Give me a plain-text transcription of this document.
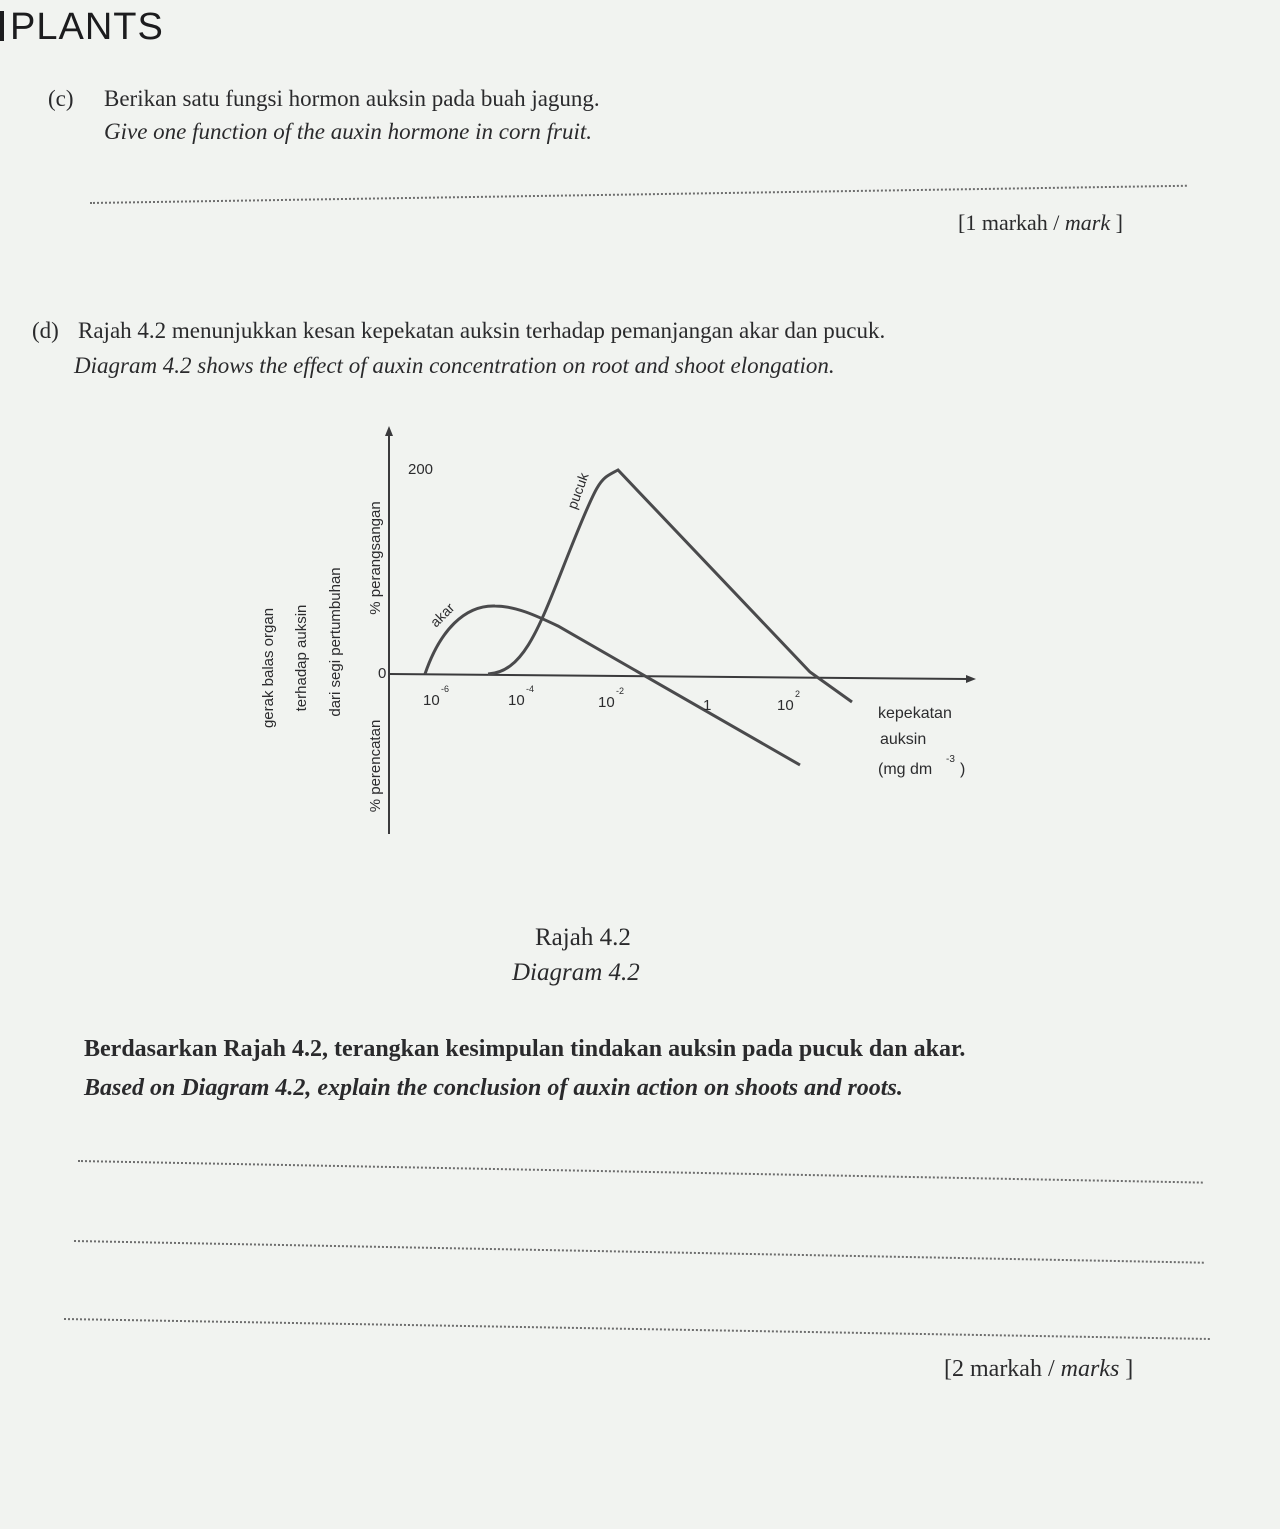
PLANTS
(c) Berikan satu fungsi hormon auksin pada buah jagung.
Give one function of the auxin hormone in corn fruit.
[1 markah / mark ]
(d) Rajah 4.2 menunjukkan kesan kepekatan auksin terhadap pemanjangan akar dan pucuk.
Diagram 4.2 shows the effect of auxin concentration on root and shoot elongation.
200
0
pucuk
akar
10
-6
10
-4
10
-2
1	10
2
kepekatan
auksin
(mg dm
-3
)
gerak balas organ terhadap auksin dari segi pertumbuhan
% perangsangan
% perencatan
Rajah 4.2
Diagram 4.2
Berdasarkan Rajah 4.2, terangkan kesimpulan tindakan auksin pada pucuk dan akar.
Based on Diagram 4.2, explain the conclusion of auxin action on shoots and roots.
[2 markah / marks ]
